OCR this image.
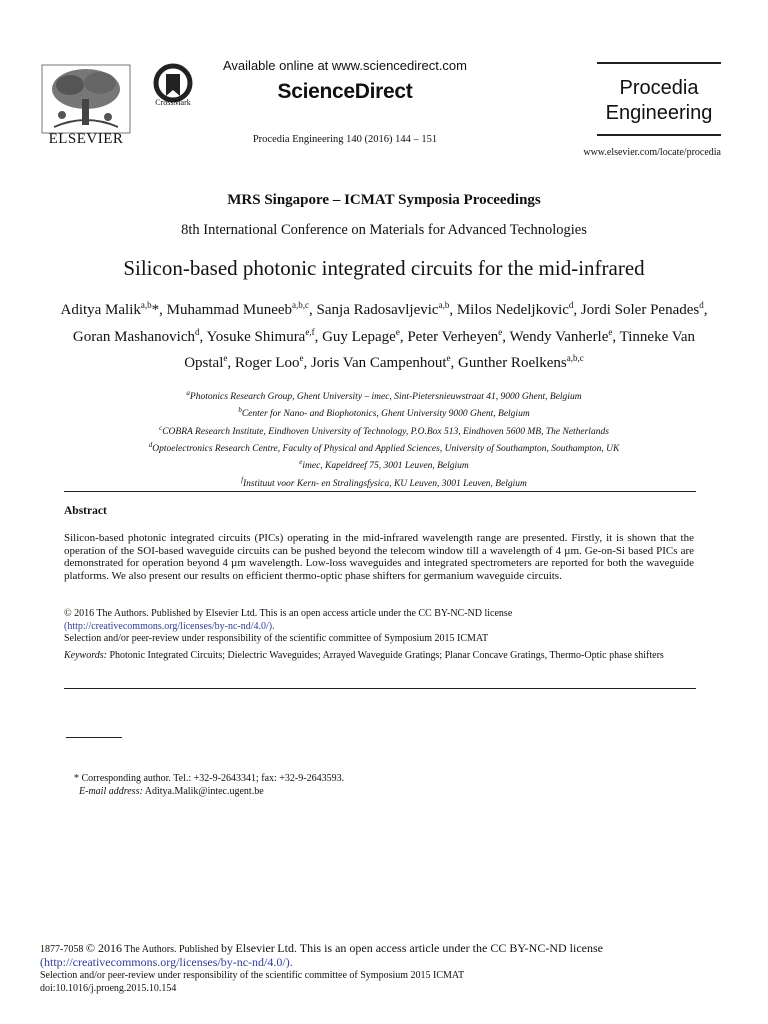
ELSEVIER
CrossMark
Available online at www.sciencedirect.com
ScienceDirect
Procedia Engineering 140 (2016) 144 – 151
Procedia
Engineering
www.elsevier.com/locate/procedia
MRS Singapore – ICMAT Symposia Proceedings
8th International Conference on Materials for Advanced Technologies
Silicon-based photonic integrated circuits for the mid-infrared
Aditya Malik$^{a,b}$*, Muhammad Muneeb$^{a,b,c}$, Sanja Radosavljevic$^{a,b}$, Milos Nedeljkovic$^d$, Jordi Soler Penades$^d$, Goran Mashanovich$^d$, Yosuke Shimura$^{e,f}$, Guy Lepage$^e$, Peter Verheyen$^e$, Wendy Vanherle$^e$, Tinneke Van Opstal$^e$, Roger Loo$^e$, Joris Van Campenhout$^e$, Gunther Roelkens$^{a,b,c}$
$^a$Photonics Research Group, Ghent University – imec, Sint-Pietersnieuwstraat 41, 9000 Ghent, Belgium
$^b$Center for Nano- and Biophotonics, Ghent University 9000 Ghent, Belgium
$^c$COBRA Research Institute, Eindhoven University of Technology, P.O.Box 513, Eindhoven 5600 MB, The Netherlands
$^d$Optoelectronics Research Centre, Faculty of Physical and Applied Sciences, University of Southampton, Southampton, UK
$^e$imec, Kapeldreef 75, 3001 Leuven, Belgium
$^f$Instituut voor Kern- en Stralingsfysica, KU Leuven, 3001 Leuven, Belgium
Abstract
Silicon-based photonic integrated circuits (PICs) operating in the mid-infrared wavelength range are presented. Firstly, it is shown that the operation of the SOI-based waveguide circuits can be pushed beyond the telecom window till a wavelength of 4 µm. Ge-on-Si based PICs are demonstrated for operation beyond 4 µm wavelength. Low-loss waveguides and integrated spectrometers are reported for both the waveguide platforms. We also present our results on efficient thermo-optic phase shifters for germanium waveguide circuits.
© 2016 The Authors. Published by Elsevier Ltd. This is an open access article under the CC BY-NC-ND license
(http://creativecommons.org/licenses/by-nc-nd/4.0/).
Selection and/or peer-review under responsibility of the scientific committee of Symposium 2015 ICMAT
Keywords: Photonic Integrated Circuits; Dielectric Waveguides; Arrayed Waveguide Gratings; Planar Concave Gratings, Thermo-Optic phase shifters
* Corresponding author. Tel.: +32-9-2643341; fax: +32-9-2643593.
E-mail address: Aditya.Malik@intec.ugent.be
1877-7058 © 2016 The Authors. Published by Elsevier Ltd. This is an open access article under the CC BY-NC-ND license
(http://creativecommons.org/licenses/by-nc-nd/4.0/).
Selection and/or peer-review under responsibility of the scientific committee of Symposium 2015 ICMAT
doi:10.1016/j.proeng.2015.10.154
